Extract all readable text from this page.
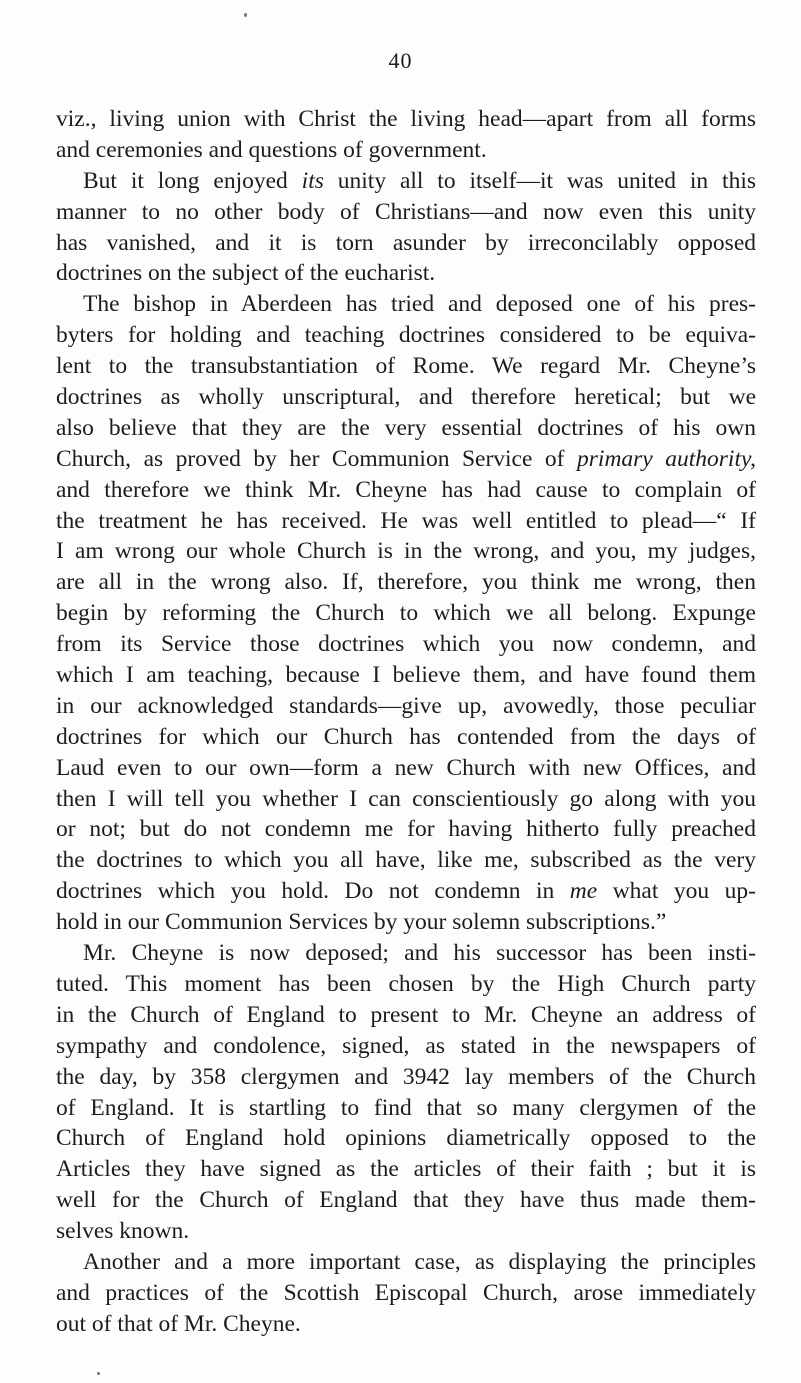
40
viz., living union with Christ the living head—apart from all forms
and ceremonies and questions of government.
But it long enjoyed its unity all to itself—it was united in this
manner to no other body of Christians—and now even this unity
has vanished, and it is torn asunder by irreconcilably opposed
doctrines on the subject of the eucharist.
The bishop in Aberdeen has tried and deposed one of his pres-
byters for holding and teaching doctrines considered to be equiva-
lent to the transubstantiation of Rome. We regard Mr. Cheyne’s
doctrines as wholly unscriptural, and therefore heretical; but we
also believe that they are the very essential doctrines of his own
Church, as proved by her Communion Service of primary authority,
and therefore we think Mr. Cheyne has had cause to complain of
the treatment he has received. He was well entitled to plead—“ If
I am wrong our whole Church is in the wrong, and you, my judges,
are all in the wrong also. If, therefore, you think me wrong, then
begin by reforming the Church to which we all belong. Expunge
from its Service those doctrines which you now condemn, and
which I am teaching, because I believe them, and have found them
in our acknowledged standards—give up, avowedly, those peculiar
doctrines for which our Church has contended from the days of
Laud even to our own—form a new Church with new Offices, and
then I will tell you whether I can conscientiously go along with you
or not; but do not condemn me for having hitherto fully preached
the doctrines to which you all have, like me, subscribed as the very
doctrines which you hold. Do not condemn in me what you up-
hold in our Communion Services by your solemn subscriptions.”
Mr. Cheyne is now deposed; and his successor has been insti-
tuted. This moment has been chosen by the High Church party
in the Church of England to present to Mr. Cheyne an address of
sympathy and condolence, signed, as stated in the newspapers of
the day, by 358 clergymen and 3942 lay members of the Church
of England. It is startling to find that so many clergymen of the
Church of England hold opinions diametrically opposed to the
Articles they have signed as the articles of their faith ; but it is
well for the Church of England that they have thus made them-
selves known.
Another and a more important case, as displaying the principles
and practices of the Scottish Episcopal Church, arose immediately
out of that of Mr. Cheyne.
